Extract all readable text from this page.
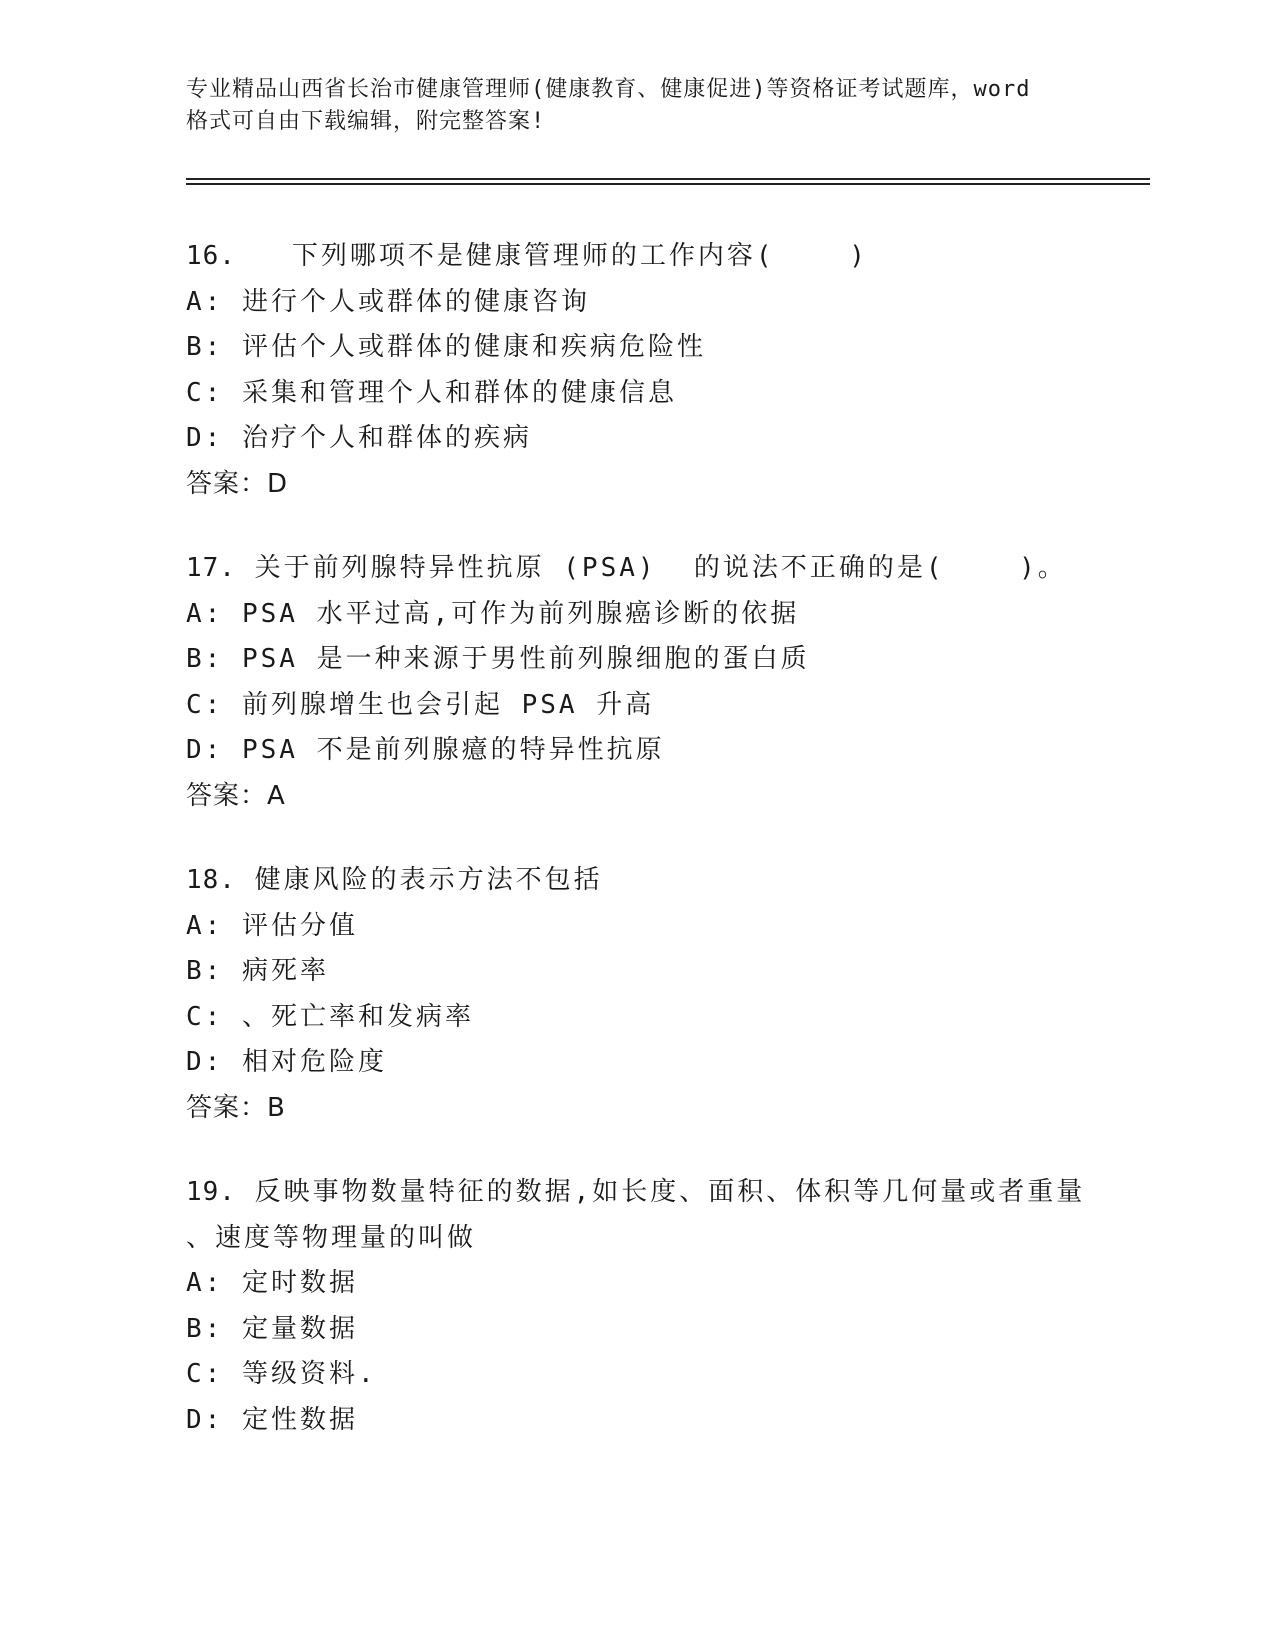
专业精品山西省长治市健康管理师(健康教育、健康促进)等资格证考试题库，word
格式可自由下载编辑，附完整答案!
16.   下列哪项不是健康管理师的工作内容(    )
A: 进行个人或群体的健康咨询
B: 评估个人或群体的健康和疾病危险性
C: 采集和管理个人和群体的健康信息
D: 治疗个人和群体的疾病
答案：D
17. 关于前列腺特异性抗原 (PSA)  的说法不正确的是(    )。
A: PSA 水平过高,可作为前列腺癌诊断的依据
B: PSA 是一种来源于男性前列腺细胞的蛋白质
C: 前列腺增生也会引起 PSA 升高
D: PSA 不是前列腺癔的特异性抗原
答案：A
18. 健康风险的表示方法不包括
A: 评估分值
B: 病死率
C: 、死亡率和发病率
D: 相对危险度
答案：B
19. 反映事物数量特征的数据,如长度、面积、体积等几何量或者重量
、速度等物理量的叫做
A: 定时数据
B: 定量数据
C: 等级资料.
D: 定性数据
